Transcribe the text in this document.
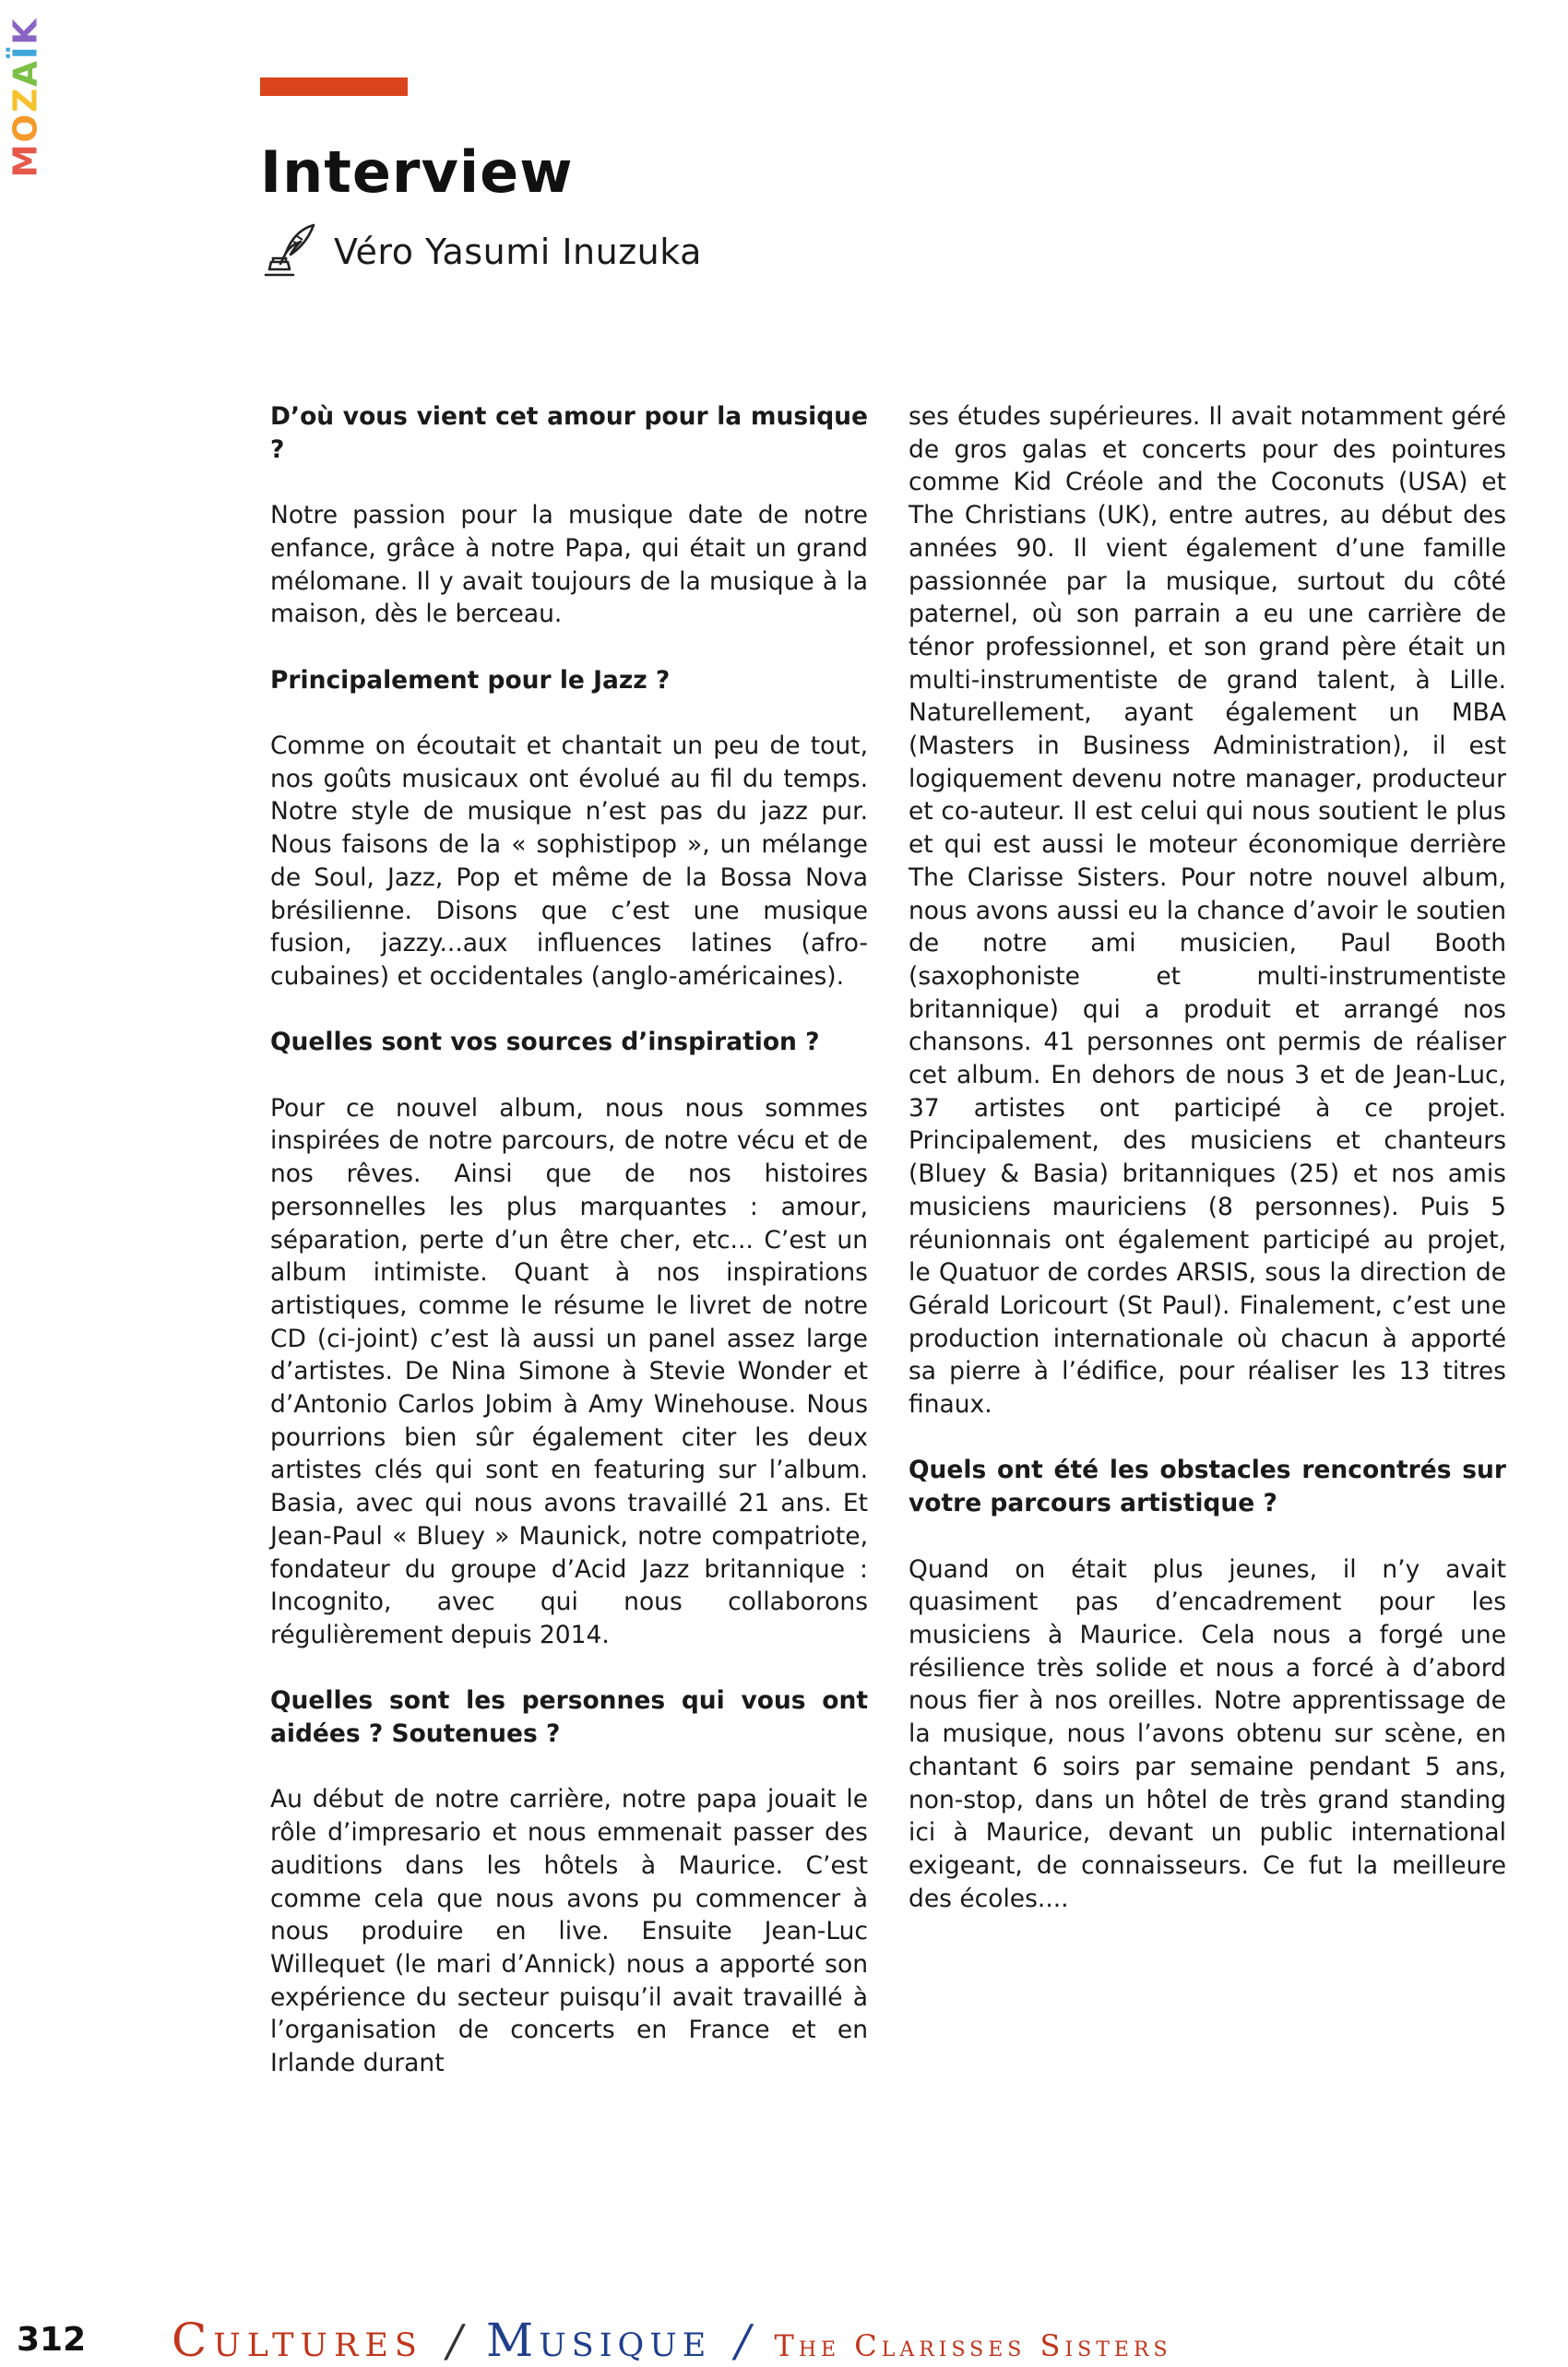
MOZAÏK
Interview
Véro Yasumi Inuzuka

D’où vous vient cet amour pour la musique ?

Notre passion pour la musique date de notre enfance, grâce à notre Papa, qui était un grand mélomane. Il y avait toujours de la musique à la maison, dès le berceau.

Principalement pour le Jazz ?

Comme on écoutait et chantait un peu de tout, nos goûts musicaux ont évolué au fil du temps. Notre style de musique n’est pas du jazz pur. Nous faisons de la « sophistipop », un mélange de Soul, Jazz, Pop et même de la Bossa Nova brésilienne. Disons que c’est une musique fusion, jazzy...aux influences latines (afro-cubaines) et occidentales (anglo-américaines).

Quelles sont vos sources d’inspiration ?

Pour ce nouvel album, nous nous sommes inspirées de notre parcours, de notre vécu et de nos rêves. Ainsi que de nos histoires personnelles les plus marquantes : amour, séparation, perte d’un être cher, etc... C’est un album intimiste. Quant à nos inspirations artistiques, comme le résume le livret de notre CD (ci-joint) c’est là aussi un panel assez large d’artistes. De Nina Simone à Stevie Wonder et d’Antonio Carlos Jobim à Amy Winehouse. Nous pourrions bien sûr également citer les deux artistes clés qui sont en featuring sur l’album. Basia, avec qui nous avons travaillé 21 ans. Et Jean-Paul « Bluey » Maunick, notre compatriote, fondateur du groupe d’Acid Jazz britannique : Incognito, avec qui nous collaborons régulièrement depuis 2014.

Quelles sont les personnes qui vous ont aidées ? Soutenues ?

Au début de notre carrière, notre papa jouait le rôle d’impresario et nous emmenait passer des auditions dans les hôtels à Maurice. C’est comme cela que nous avons pu commencer à nous produire en live. Ensuite Jean-Luc Willequet (le mari d’Annick) nous a apporté son expérience du secteur puisqu’il avait travaillé à l’organisation de concerts en France et en Irlande durant

ses études supérieures. Il avait notamment géré de gros galas et concerts pour des pointures comme Kid Créole and the Coconuts (USA) et The Christians (UK), entre autres, au début des années 90. Il vient également d’une famille passionnée par la musique, surtout du côté paternel, où son parrain a eu une carrière de ténor professionnel, et son grand père était un multi-instrumentiste de grand talent, à Lille. Naturellement, ayant également un MBA (Masters in Business Administration), il est logiquement devenu notre manager, producteur et co-auteur. Il est celui qui nous soutient le plus et qui est aussi le moteur économique derrière The Clarisse Sisters. Pour notre nouvel album, nous avons aussi eu la chance d’avoir le soutien de notre ami musicien, Paul Booth (saxophoniste et multi-instrumentiste britannique) qui a produit et arrangé nos chansons. 41 personnes ont permis de réaliser cet album. En dehors de nous 3 et de Jean-Luc, 37 artistes ont participé à ce projet. Principalement, des musiciens et chanteurs (Bluey & Basia) britanniques (25) et nos amis musiciens mauriciens (8 personnes). Puis 5 réunionnais ont également participé au projet, le Quatuor de cordes ARSIS, sous la direction de Gérald Loricourt (St Paul). Finalement, c’est une production internationale où chacun à apporté sa pierre à l’édifice, pour réaliser les 13 titres finaux.

Quels ont été les obstacles rencontrés sur votre parcours artistique ?

Quand on était plus jeunes, il n’y avait quasiment pas d’encadrement pour les musiciens à Maurice. Cela nous a forgé une résilience très solide et nous a forcé à d’abord nous fier à nos oreilles. Notre apprentissage de la musique, nous l’avons obtenu sur scène, en chantant 6 soirs par semaine pendant 5 ans, non-stop, dans un hôtel de très grand standing ici à Maurice, devant un public international exigeant, de connaisseurs. Ce fut la meilleure des écoles....

312 Cultures / Musique / The Clarisses Sisters
